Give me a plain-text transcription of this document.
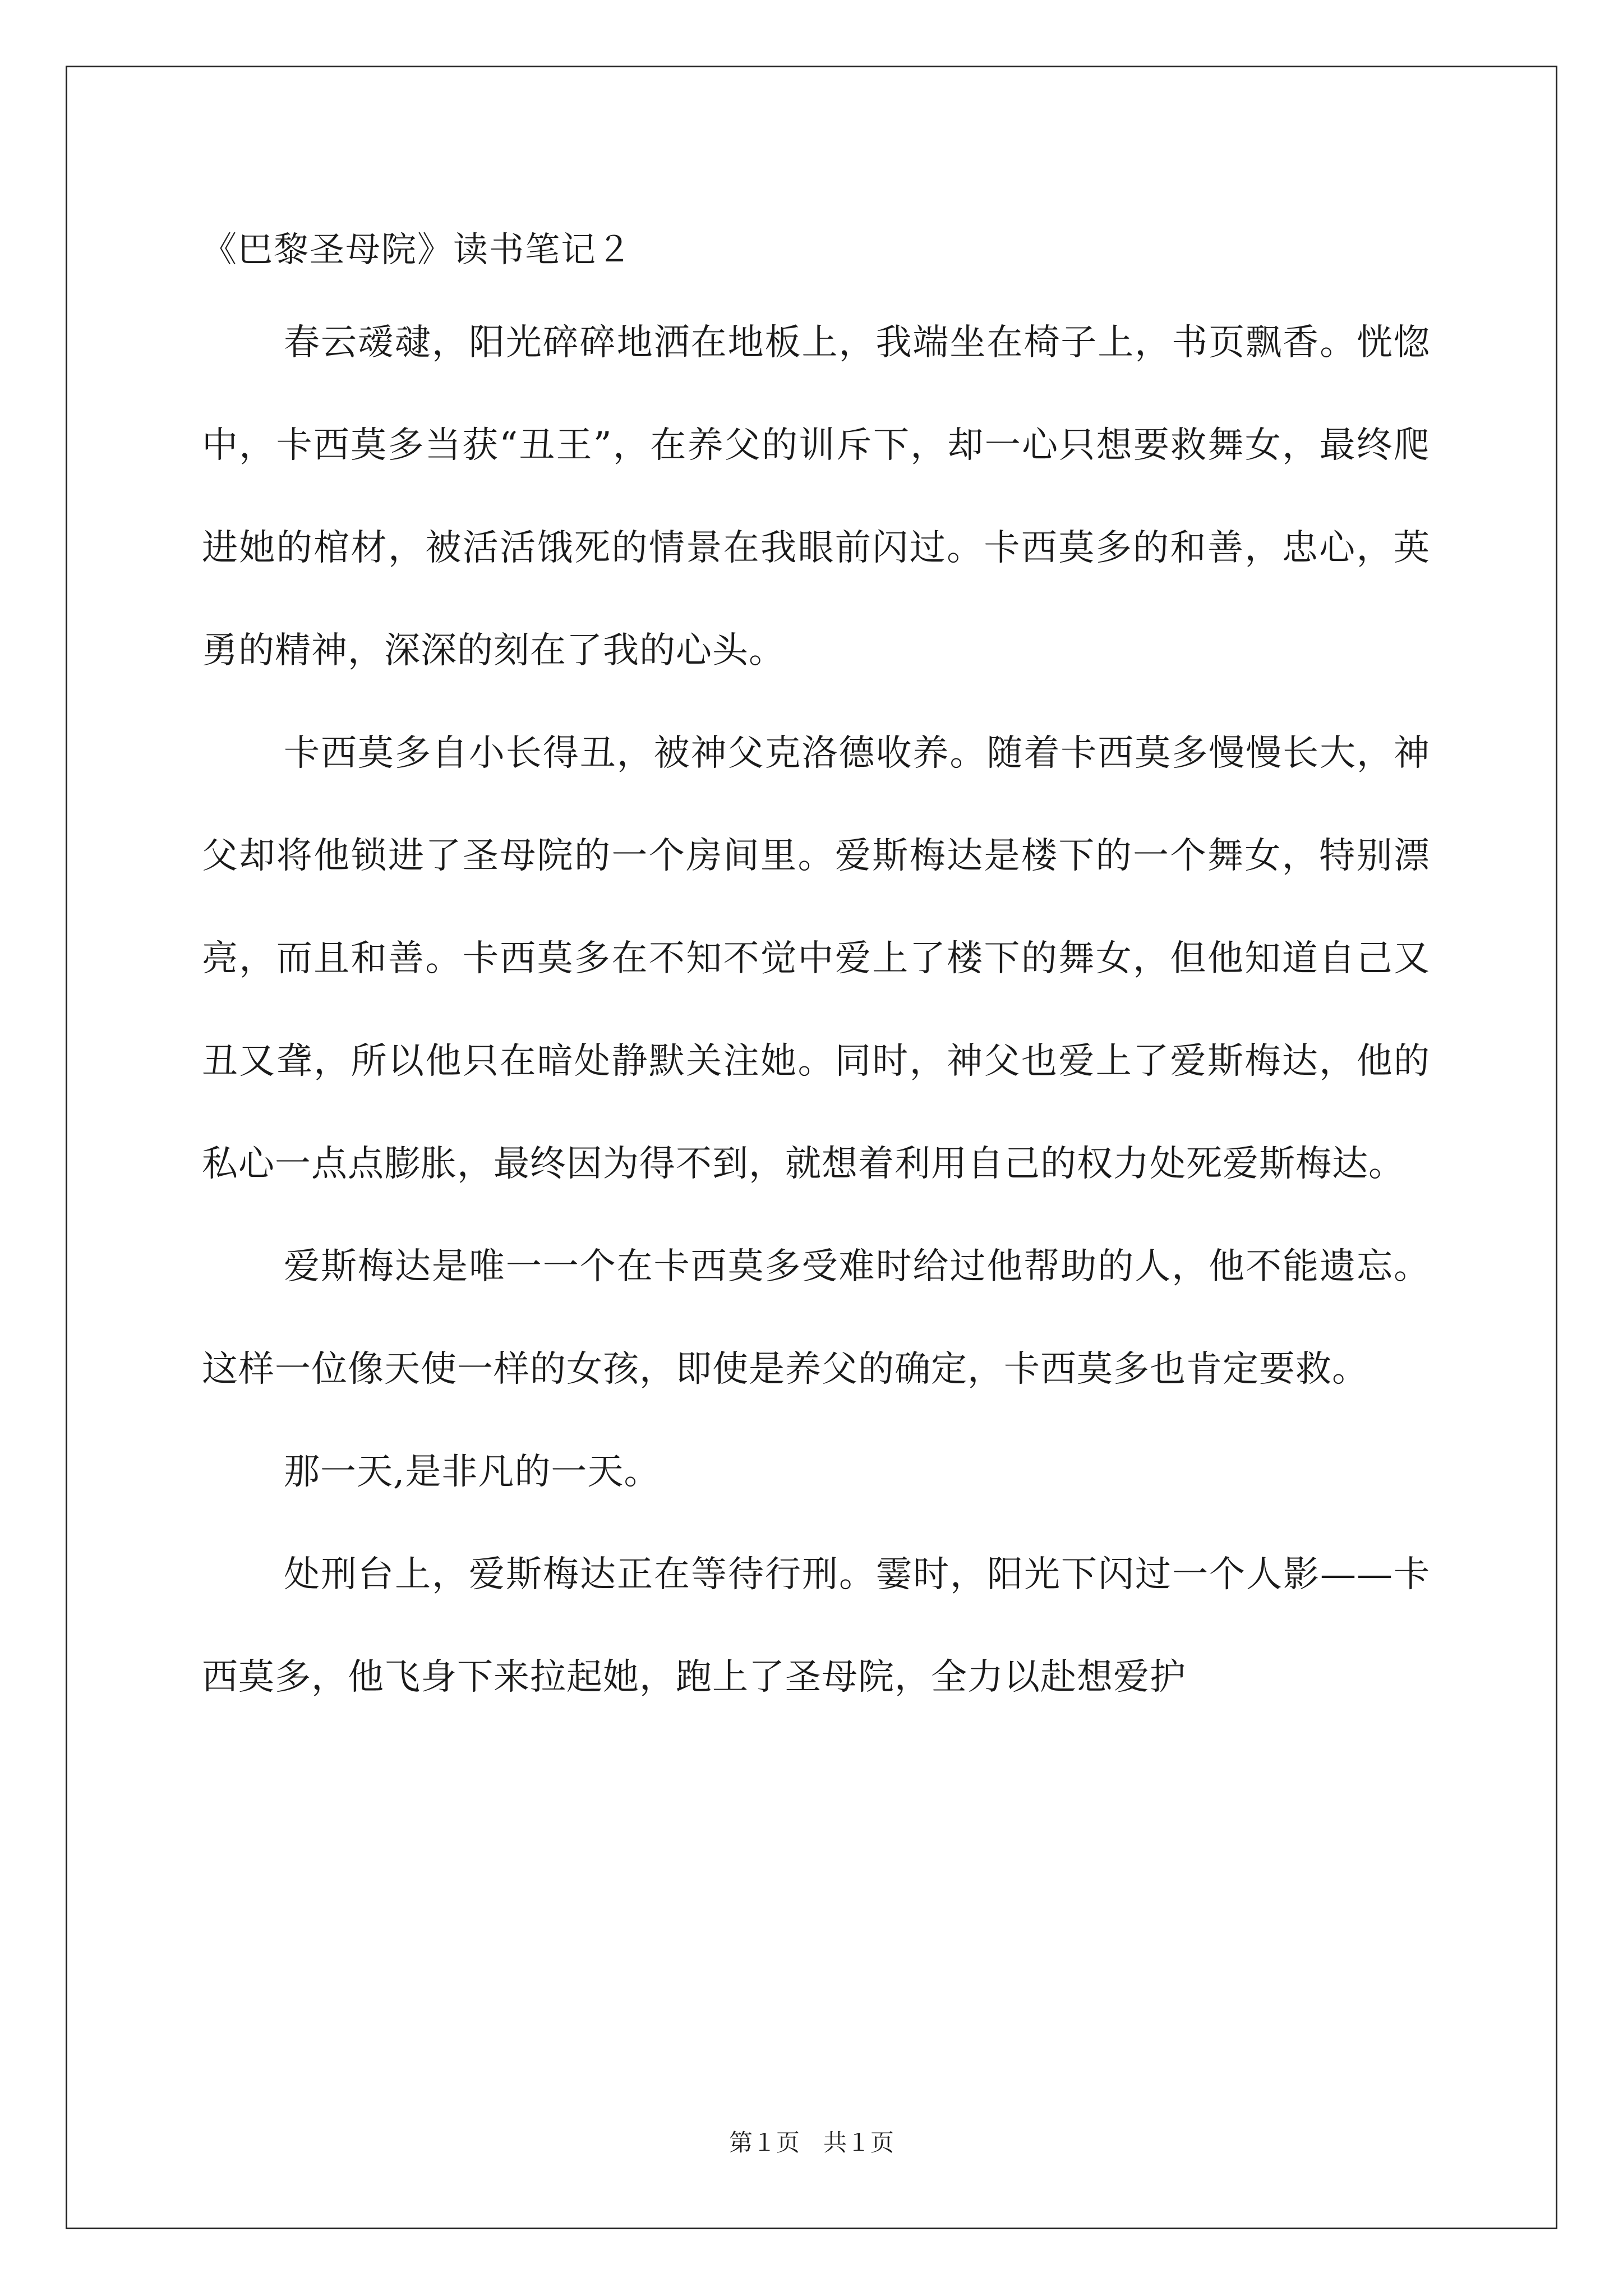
《巴黎圣母院》读书笔记２

春云叆叇，阳光碎碎地洒在地板上，我端坐在椅子上，书页飘香。恍惚中，卡西莫多当获“丑王”，在养父的训斥下，却一心只想要救舞女，最终爬进她的棺材，被活活饿死的情景在我眼前闪过。卡西莫多的和善，忠心，英勇的精神，深深的刻在了我的心头。

卡西莫多自小长得丑，被神父克洛德收养。随着卡西莫多慢慢长大，神父却将他锁进了圣母院的一个房间里。爱斯梅达是楼下的一个舞女，特别漂亮，而且和善。卡西莫多在不知不觉中爱上了楼下的舞女，但他知道自己又丑又聋，所以他只在暗处静默关注她。同时，神父也爱上了爱斯梅达，他的私心一点点膨胀，最终因为得不到，就想着利用自己的权力处死爱斯梅达。

爱斯梅达是唯一一个在卡西莫多受难时给过他帮助的人，他不能遗忘。这样一位像天使一样的女孩，即使是养父的确定，卡西莫多也肯定要救。

那一天,是非凡的一天。

处刑台上，爱斯梅达正在等待行刑。霎时，阳光下闪过一个人影——卡西莫多，他飞身下来拉起她，跑上了圣母院，全力以赴想爱护

第１页　共１页
